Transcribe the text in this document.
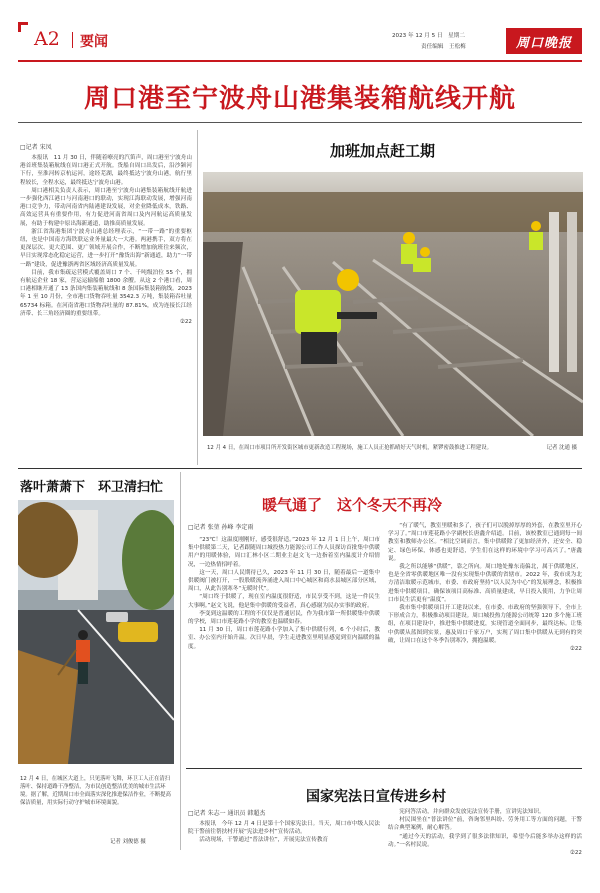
A2 要闻	2023 年 12 月 5 日　星期二
责任编辑　王松梅	周口晚报
周口港至宁波舟山港集装箱航线开航
□记者 宋凤

本报讯　11 月 30 日，伴随着嘹亮的汽笛声，周口港至宁波舟山港首班集装箱航线在周口港正式开航。货船自周口出发后，沿沙颍河下行，至淮河转京杭运河，途经芜湖，最终抵达宁波舟山港，航行里程较长，全程水运，最终抵达宁波舟山港。

周口港相关负责人表示，周口港至宁波舟山港集装箱航线开航进一步强化西江港口与河南港口的联动，实现江海联动发展，增强河南港口竞争力，带动河南省内陆港建设发展，对企业降低成本，铁路、高效运营具有重要作用，有力促进河南省周口及内河航运高质量发展，有助于构建中原出海新通道，助推高质量发展。

浙江省海港集团宁波舟山港总经理表示，“一带一路”的重要枢纽，也是中国南方海铁联运业务量最大一大港。两港携手，双方将在更深层次、更大范围、更广领域开展合作，不断增加航班往来频次，早日实现常态化稳定运营，进一步打开“豫货出海”新通道，助力“一带一路”建设，促进豫浙两省区域经济高质量发展。

目前，我市集疏运营模式覆盖周口 7 个、千吨级泊位 55 个，拥有航运企业 18 家，营运运输船舶 1800 余艘。从这 2 个港口看，周口港相继开通了 13 条国内集装箱航线和 8 条国际集装箱航线。2023 年 1 至 10 月份，全市港口货物吞吐量 3542.3 万吨，集装箱吞吐量 65734 标箱。在河南省港口货物吞吐量的 87.81%，成为连接长江经济带、长三角经济圈的重要纽带。

②22
加班加点赶工期
12 月 4 日，在周口市项目所开发街区城市更新改造工程现场，施工人员正抢抓晴好天气时机，紧锣密鼓推进工程建设。	记者 沈通 摄
落叶萧萧下　环卫清扫忙
12 月 4 日，在城区大道上，只见落叶飞舞，环卫工人正在清扫落叶、保持道路干净整洁，为市民创造整洁优美的城市生活环境。据了解，近期周口市全面落实深化推进保洁作业，不断提高保洁质量，用实际行动守护城市环境面貌。
记者 刘俊德 摄
暖气通了　这个冬天不再冷
□记者 张堃 孙峰 李定雨

“23℃！这温度刚刚好，感受很舒适。”2023 年 12 月 1 日上午，周口市集中供暖第二天，记者跟随周口城投热力能源公司工作人员探访首批集中供暖用户的用暖体验，周口汇林小区二期业主赵文飞一边指着室内温度计介绍情况，一边热情招呼着。

这一天，周口人民期待已久，2023 年 11 月 30 日，随着最后一道集中供暖阀门被打开，一股股暖流奔涌进入周口中心城区和商水县城区部分区域，周口，从此告别寒冬“无暖时代”。

“周口终于供暖了，现在室内温度很舒适，市民享受不到，这是一件民生大事啊。”赵文飞说，他是集中供暖的受益者，真心感谢为民办实事的政府。

李变到这温暖的工程的不仅仅是普通居民，作为我市第一所供暖集中供暖的学校，周口市莲花路小学的教室也温暖如春。

11 月 30 日，周口市莲花路小学加入了集中供暖行列，6 个小时后，教室、办公室内开始升温。次日早晨，学生走进教室里明显感觉到室内温暖的温度。

“有了暖气，教室里暖和多了，孩子们可以脱掉厚厚的外套，在教室里开心学习了。”周口市莲花路小学副校长唐鑫介绍道。目前，该校教室已通到每一间教室和教师办公区。“相比空调而言，集中供暖除了更加经济外，还安全、稳定、绿色环保，体感也更舒适，学生们在这样的环境中学习可高兴了。”唐鑫说。

我之所以能够“供暖”，靠之所向。周口地处豫东南偏北，属于供暖地区，也是全省零供暖地区唯一没有实现集中供暖的省辖市。2022 年，我市成为北方清洁取暖示范城市，市委、市政府坚持“以人民为中心”的发展理念，积极推进集中供暖项目，确保该项目高标准、高质量建成，早日投入使用，力争让周口市民生活更有“温度”。

我市集中供暖项目开工建设以来，在市委、市政府的坚强领导下，全市上下形成合力，积极推动项目建设。周口城投热力能源公司统筹 120 多个施工班组，在项目建设中，推进集中供暖进度，实现管道全面同步，最终达标。让集中供暖从蓝图到实景，惠及周口千家万户，实现了周口集中供暖从无到有的突破，让周口在这个冬季告别寒冷，拥抱温暖。

②22
国家宪法日宣传进乡村
□记者 朱志一 通讯员 韩超杰

本报讯　今年 12 月 4 日是第十个国家宪法日。当天，周口市中级人民法院干警前往帮扶村开展“宪法进乡村”宣传活动。

活动现场，干警通过“普法讲位”，开展宪法宣传教育

宪问答活动，并向群众发放宪法宣传手册，宣讲宪法知识。

村民围坐在“普法讲位”前，咨询邻里纠纷、劳务用工等方面的问题，干警结合典型案例，耐心解答。

“通过今天的活动，我学到了很多法律知识，希望今后能多举办这样的活动。”一名村民说。

②22
